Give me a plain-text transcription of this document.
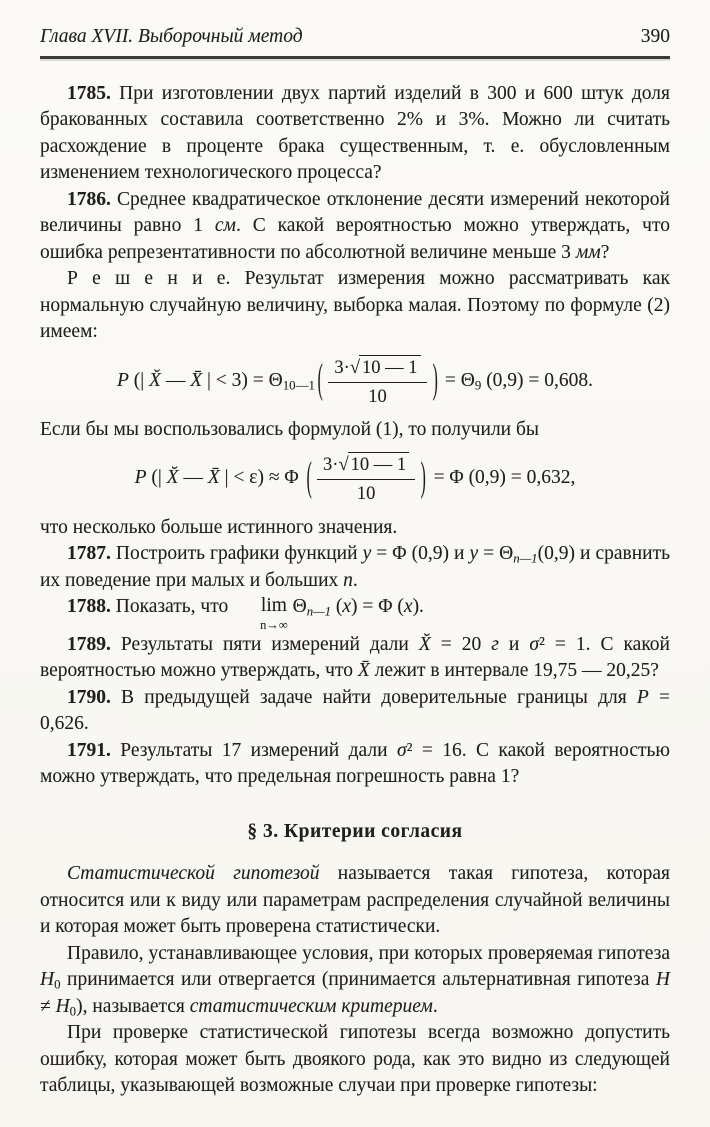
Глава XVII. Выборочный метод	390

1785. При изготовлении двух партий изделий в 300 и 600 штук доля бракованных составила соответственно 2% и 3%. Можно ли считать расхождение в проценте брака существенным, т. е. обусловленным изменением технологического процесса?

1786. Среднее квадратическое отклонение десяти измерений некоторой величины равно 1 см. С какой вероятностью можно утверждать, что ошибка репрезентативности по абсолютной величине меньше 3 мм?

Р е ш е н и е. Результат измерения можно рассматривать как нормальную случайную величину, выборка малая. Поэтому по формуле (2) имеем:

P (| X̆ — X̄ | < $3) = \Theta_{10—1}$ ( $\frac{3\cdot√ 10 — 1}{10}$ ) = $\Theta_9$ (0,9) = 0,608.

Если бы мы воспользовались формулой (1), то получили бы

P (| X̆ — X̄ | < ε) ≈ Φ ( $\frac{3\cdot√ 10 — 1}{10}$ ) = Φ (0,9) = 0,632,

что несколько больше истинного значения.

1787. Построить графики функций y = Φ (0,9) и $y = \Theta_{n—1}(0,9)$ и сравнить их поведение при малых и больших n.

1788. Показать, что	lim
n→∞
$\Theta_{n—1}$ (x) = Φ (x).

1789. Результаты пяти измерений дали X̆ = 20 г и σ² = 1. С какой вероятностью можно утверждать, что X̄ лежит в интервале 19,75 — 20,25?

1790. В предыдущей задаче найти доверительные границы для P = 0,626.

1791. Результаты 17 измерений дали σ² = 16. С какой вероятностью можно утверждать, что предельная погрешность равна 1?

§ 3. Критерии согласия

Статистической гипотезой называется такая гипотеза, которая относится или к виду или параметрам распределения случайной величины и которая может быть проверена статистически.

Правило, устанавливающее условия, при которых проверяемая гипотеза $H_0$ принимается или отвергается (принимается альтернативная гипотеза $H \ne H_0$), называется статистическим критерием.

При проверке статистической гипотезы всегда возможно допустить ошибку, которая может быть двоякого рода, как это видно из следующей таблицы, указывающей возможные случаи при проверке гипотезы:
